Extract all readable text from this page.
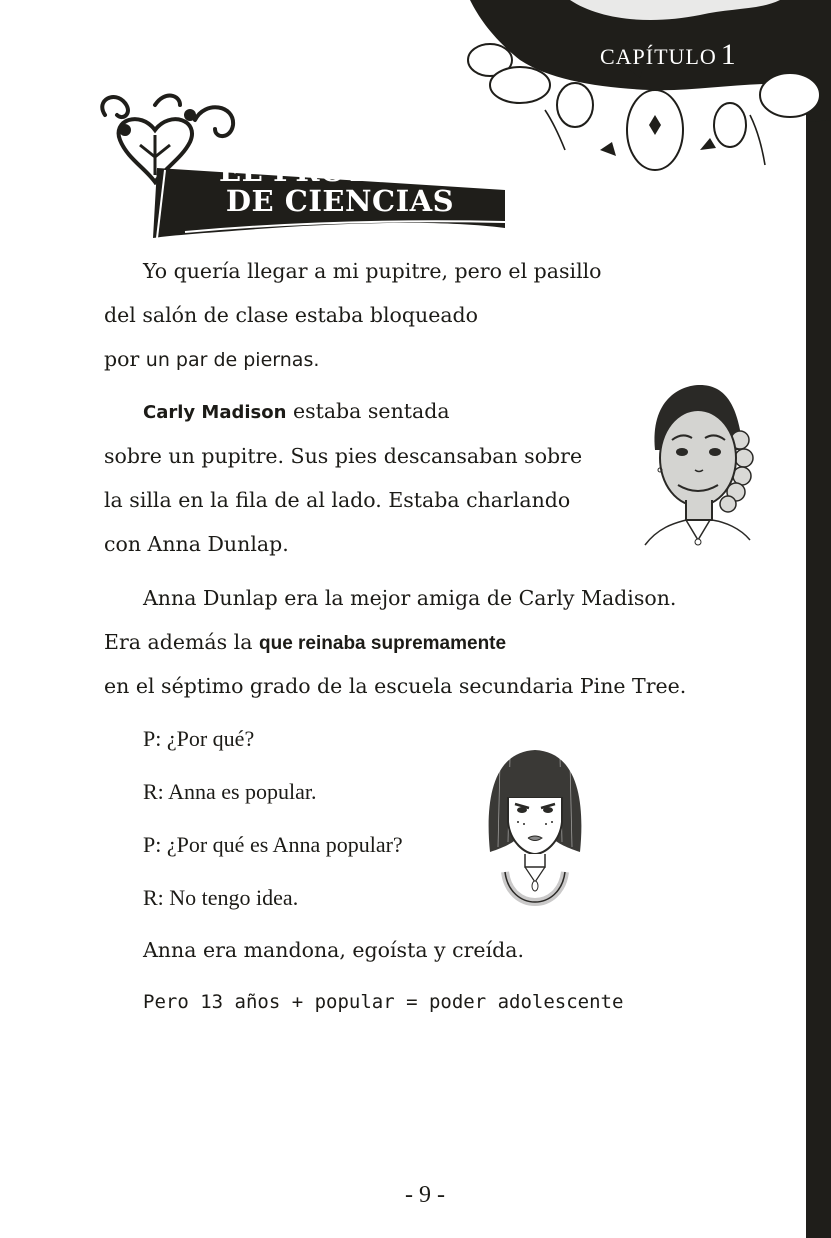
CAPÍTULO 1
EL PROYECTO
DE CIENCIAS
Yo quería llegar a mi pupitre, pero el pasillo
del salón de clase estaba bloqueado
por un par de piernas.
Carly Madison estaba sentada
sobre un pupitre. Sus pies descansaban sobre
la silla en la fila de al lado. Estaba charlando
con Anna Dunlap.
Anna Dunlap era la mejor amiga de Carly Madison.
Era además la que reinaba supremamente
en el séptimo grado de la escuela secundaria Pine Tree.
P: ¿Por qué?
R: Anna es popular.
P: ¿Por qué es Anna popular?
R: No tengo idea.
Anna era mandona, egoísta y creída.
Pero 13 años + popular = poder adolescente
- 9 -
